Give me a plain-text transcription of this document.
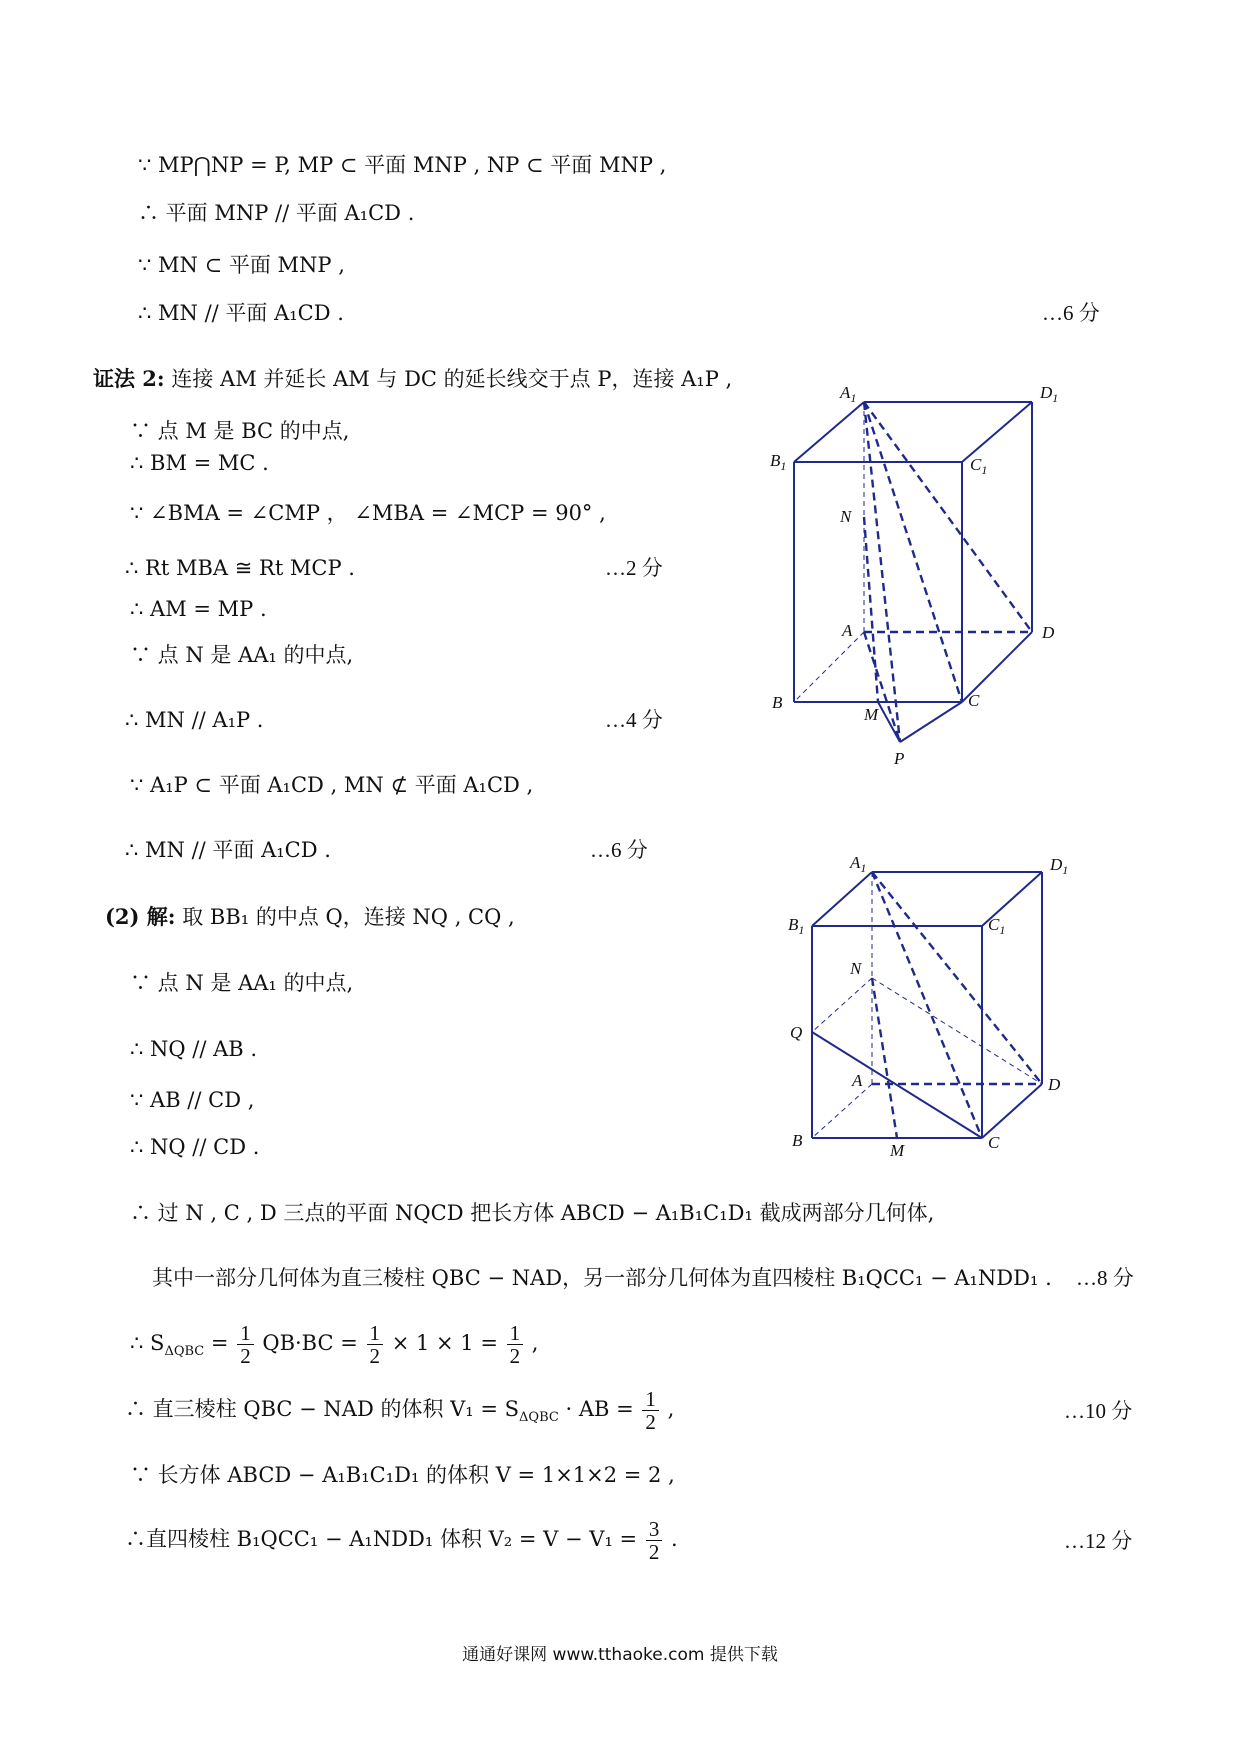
∵ MP⋂NP = P, MP ⊂ 平面 MNP , NP ⊂ 平面 MNP ,
∴ 平面 MNP // 平面 A₁CD .
∵ MN ⊂ 平面 MNP ,
∴ MN // 平面 A₁CD .	…6 分
证法 2: 连接 AM 并延长 AM 与 DC 的延长线交于点 P，连接 A₁P ,
∵ 点 M 是 BC 的中点,
∴ BM = MC .
∵ ∠BMA = ∠CMP ， ∠MBA = ∠MCP = 90° ,
∴ Rt MBA ≅ Rt MCP .	…2 分
∴ AM = MP .
∵ 点 N 是 AA₁ 的中点,
∴ MN // A₁P .	…4 分
∵ A₁P ⊂ 平面 A₁CD , MN ⊄ 平面 A₁CD ,
∴ MN // 平面 A₁CD .	…6 分
(2) 解: 取 BB₁ 的中点 Q，连接 NQ , CQ ,
∵ 点 N 是 AA₁ 的中点,
∴ NQ // AB .
∵ AB // CD ,
∴ NQ // CD .
∴ 过 N , C , D 三点的平面 NQCD 把长方体 ABCD − A₁B₁C₁D₁ 截成两部分几何体,
其中一部分几何体为直三棱柱 QBC − NAD，另一部分几何体为直四棱柱 B₁QCC₁ − A₁NDD₁ . …8 分
∴ $S_{\Delta QBC} = \frac{1}{2} QB\cdot BC = \frac{1}{2} \times 1 \times 1 = \frac{1}{2}$ ,
∴ 直三棱柱 QBC − NAD 的体积 $V_1 = S_{\Delta QBC}$ · AB = $\frac{1}{2}$ ,	…10 分
∵ 长方体 ABCD − A₁B₁C₁D₁ 的体积 V = 1×1×2 = 2 ,
∴直四棱柱 B₁QCC₁ − A₁NDD₁ 体积 $V_2 = V - V_1 = \frac{3}{2}$ .	…12 分
$A_1$	$D_1$
$B_1$	$C_1$
N
A	D
B	C
M
P
$A_1$	$D_1$
$B_1$	$C_1$
N
Q
A	D
B	C
M
通通好课网 www.tthaoke.com 提供下载
